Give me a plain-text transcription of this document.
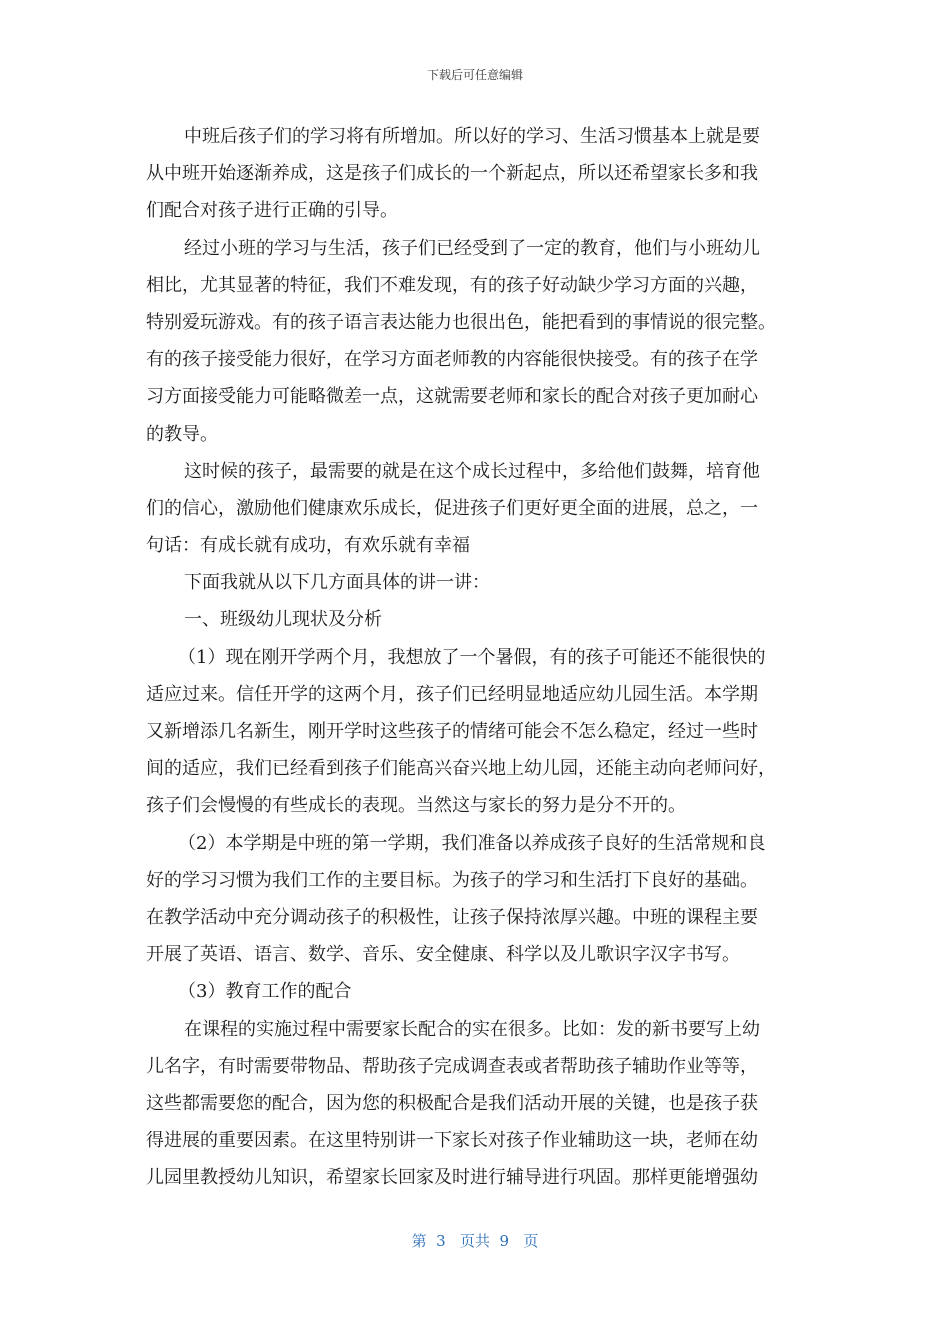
下载后可任意编辑
中班后孩子们的学习将有所增加。所以好的学习、生活习惯基本上就是要
从中班开始逐渐养成，这是孩子们成长的一个新起点，所以还希望家长多和我
们配合对孩子进行正确的引导。
经过小班的学习与生活，孩子们已经受到了一定的教育，他们与小班幼儿
相比，尤其显著的特征，我们不难发现，有的孩子好动缺少学习方面的兴趣，
特别爱玩游戏。有的孩子语言表达能力也很出色，能把看到的事情说的很完整。
有的孩子接受能力很好，在学习方面老师教的内容能很快接受。有的孩子在学
习方面接受能力可能略微差一点，这就需要老师和家长的配合对孩子更加耐心
的教导。
这时候的孩子，最需要的就是在这个成长过程中，多给他们鼓舞，培育他
们的信心，激励他们健康欢乐成长，促进孩子们更好更全面的进展，总之，一
句话：有成长就有成功，有欢乐就有幸福
下面我就从以下几方面具体的讲一讲：
一、班级幼儿现状及分析
（1）现在刚开学两个月，我想放了一个暑假，有的孩子可能还不能很快的
适应过来。信任开学的这两个月，孩子们已经明显地适应幼儿园生活。本学期
又新增添几名新生，刚开学时这些孩子的情绪可能会不怎么稳定，经过一些时
间的适应，我们已经看到孩子们能高兴奋兴地上幼儿园，还能主动向老师问好，
孩子们会慢慢的有些成长的表现。当然这与家长的努力是分不开的。
（2）本学期是中班的第一学期，我们准备以养成孩子良好的生活常规和良
好的学习习惯为我们工作的主要目标。为孩子的学习和生活打下良好的基础。
在教学活动中充分调动孩子的积极性，让孩子保持浓厚兴趣。中班的课程主要
开展了英语、语言、数学、音乐、安全健康、科学以及儿歌识字汉字书写。
（3）教育工作的配合
在课程的实施过程中需要家长配合的实在很多。比如：发的新书要写上幼
儿名字，有时需要带物品、帮助孩子完成调查表或者帮助孩子辅助作业等等，
这些都需要您的配合，因为您的积极配合是我们活动开展的关键，也是孩子获
得进展的重要因素。在这里特别讲一下家长对孩子作业辅助这一块，老师在幼
儿园里教授幼儿知识，希望家长回家及时进行辅导进行巩固。那样更能增强幼
第  3   页共  9   页
